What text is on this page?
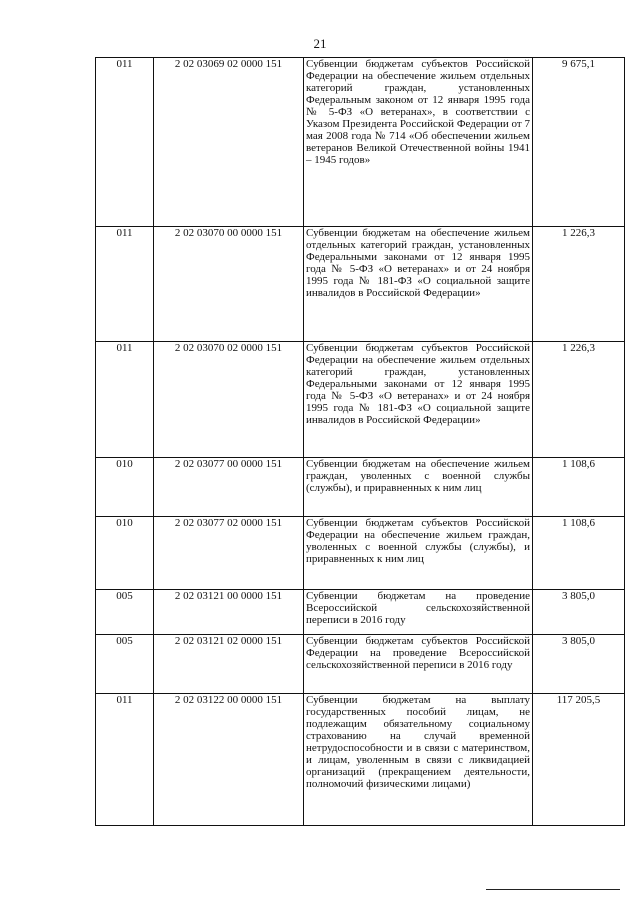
21
011	2 02 03069 02 0000 151	Субвенции бюджетам субъектов Российской Федерации на обеспечение жильем отдельных категорий граждан, установленных Федеральным законом от 12 января 1995 года № 5-ФЗ «О ветеранах», в соответствии с Указом Президента Российской Федерации от 7 мая 2008 года № 714 «Об обеспечении жильем ветеранов Великой Отечественной войны 1941 – 1945 годов»	9 675,1
011	2 02 03070 00 0000 151	Субвенции бюджетам на обеспечение жильем отдельных категорий граждан, установленных Федеральными законами от 12 января 1995 года № 5-ФЗ «О ветеранах» и от 24 ноября 1995 года № 181-ФЗ «О социальной защите инвалидов в Российской Федерации»	1 226,3
011	2 02 03070 02 0000 151	Субвенции бюджетам субъектов Российской Федерации на обеспечение жильем отдельных категорий граждан, установленных Федеральными законами от 12 января 1995 года № 5-ФЗ «О ветеранах» и от 24 ноября 1995 года № 181-ФЗ «О социальной защите инвалидов в Российской Федерации»	1 226,3
010	2 02 03077 00 0000 151	Субвенции бюджетам на обеспечение жильем граждан, уволенных с военной службы (службы), и приравненных к ним лиц	1 108,6
010	2 02 03077 02 0000 151	Субвенции бюджетам субъектов Российской Федерации на обеспечение жильем граждан, уволенных с военной службы (службы), и приравненных к ним лиц	1 108,6
005	2 02 03121 00 0000 151	Субвенции бюджетам на проведение Всероссийской сельскохозяйственной переписи в 2016 году	3 805,0
005	2 02 03121 02 0000 151	Субвенции бюджетам субъектов Российской Федерации на проведение Всероссийской сельскохозяйственной переписи в 2016 году	3 805,0
011	2 02 03122 00 0000 151	Субвенции бюджетам на выплату государственных пособий лицам, не подлежащим обязательному социальному страхованию на случай временной нетрудоспособности и в связи с материнством, и лицам, уволенным в связи с ликвидацией организаций (прекращением деятельности, полномочий физическими лицами)	117 205,5
